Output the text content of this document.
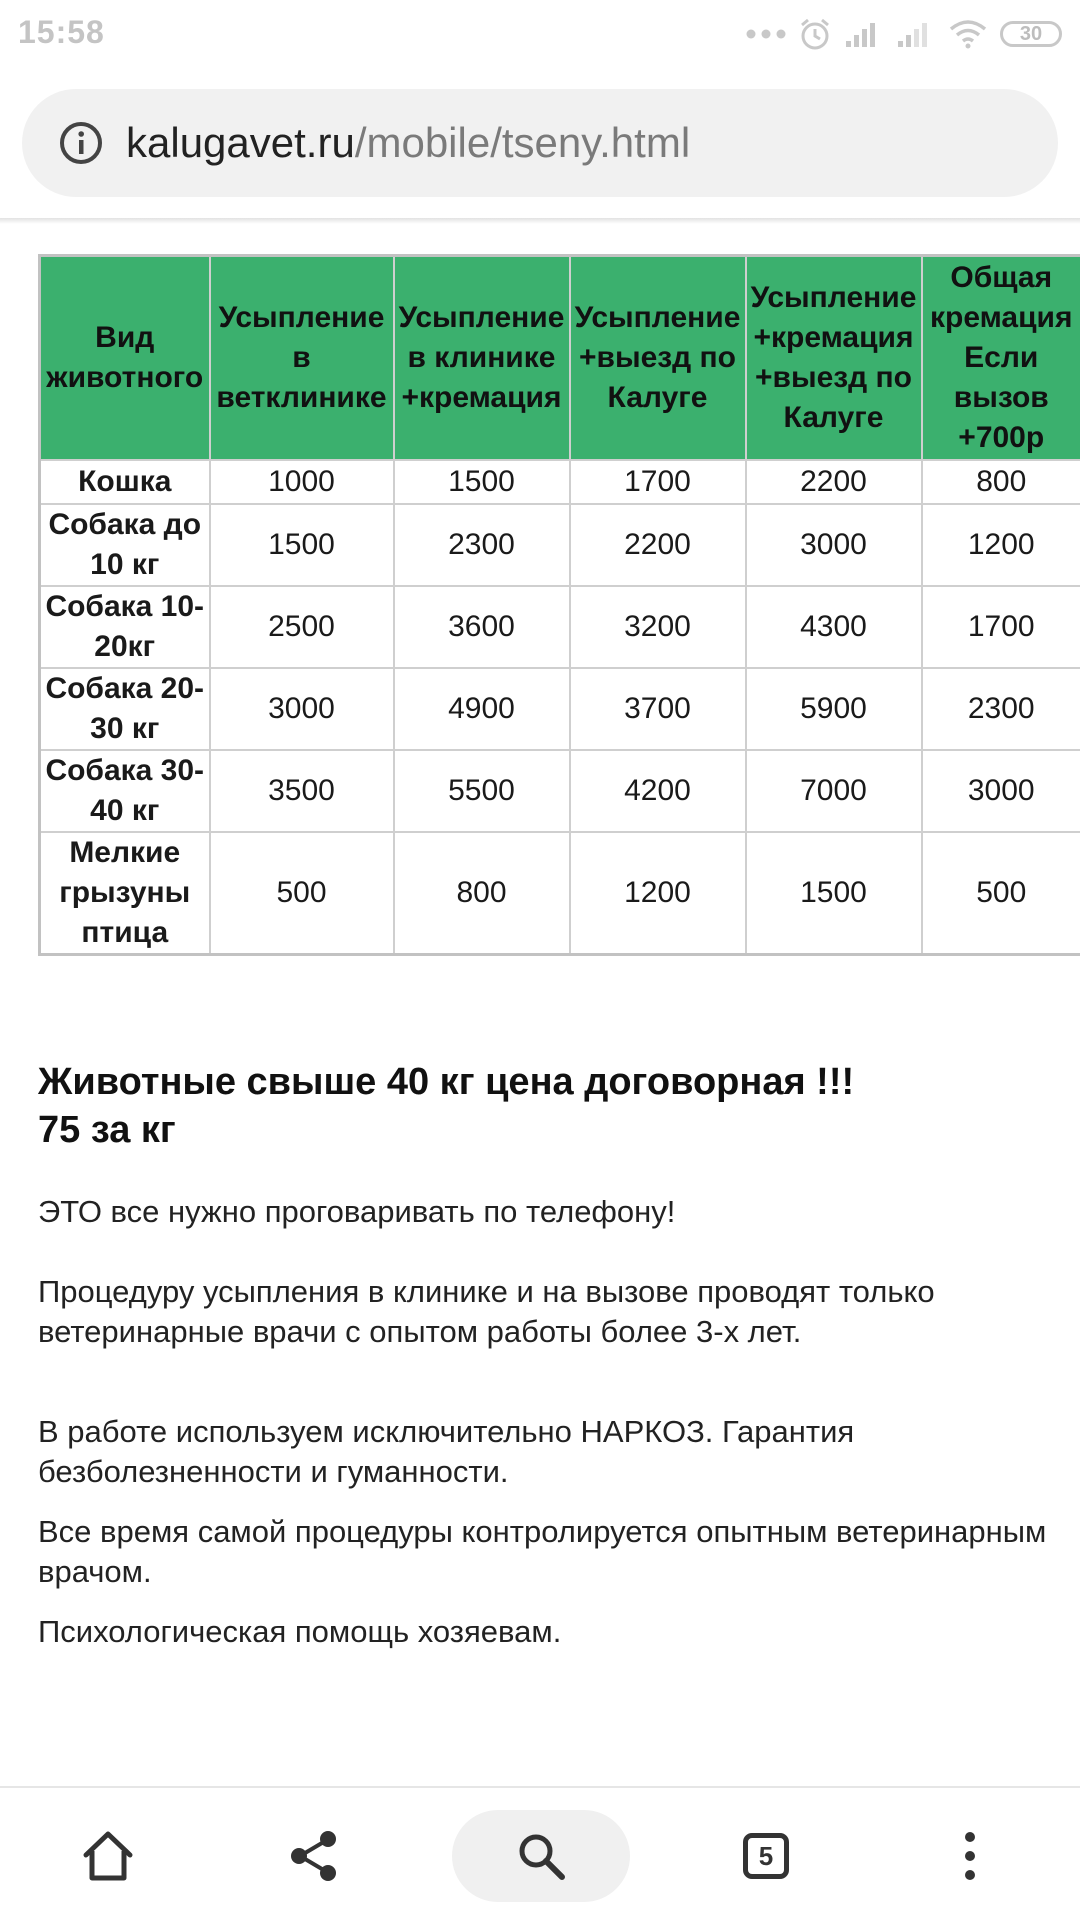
15:58	30
kalugavet.ru/mobile/tseny.html
Вид животного	Усыпление в ветклинике	Усыпление в клинике +кремация	Усыпление +выезд по Калуге	Усыпление +кремация +выезд по Калуге	Общая кремация Если вызов +700р
Кошка	1000	1500	1700	2200	800
Собака до 10 кг	1500	2300	2200	3000	1200
Собака 10-20кг	2500	3600	3200	4300	1700
Собака 20-30 кг	3000	4900	3700	5900	2300
Собака 30-40 кг	3500	5500	4200	7000	3000
Мелкие грызуны птица	500	800	1200	1500	500
Животные свыше 40 кг цена договорная !!!
75 за кг
ЭТО все нужно проговаривать по телефону!
Процедуру усыпления в клинике и на вызове проводят только ветеринарные врачи с опытом работы более 3-х лет.
В работе используем исключительно НАРКОЗ. Гарантия безболезненности и гуманности.
Все время самой процедуры контролируется опытным ветеринарным врачом.
Психологическая помощь хозяевам.
5
